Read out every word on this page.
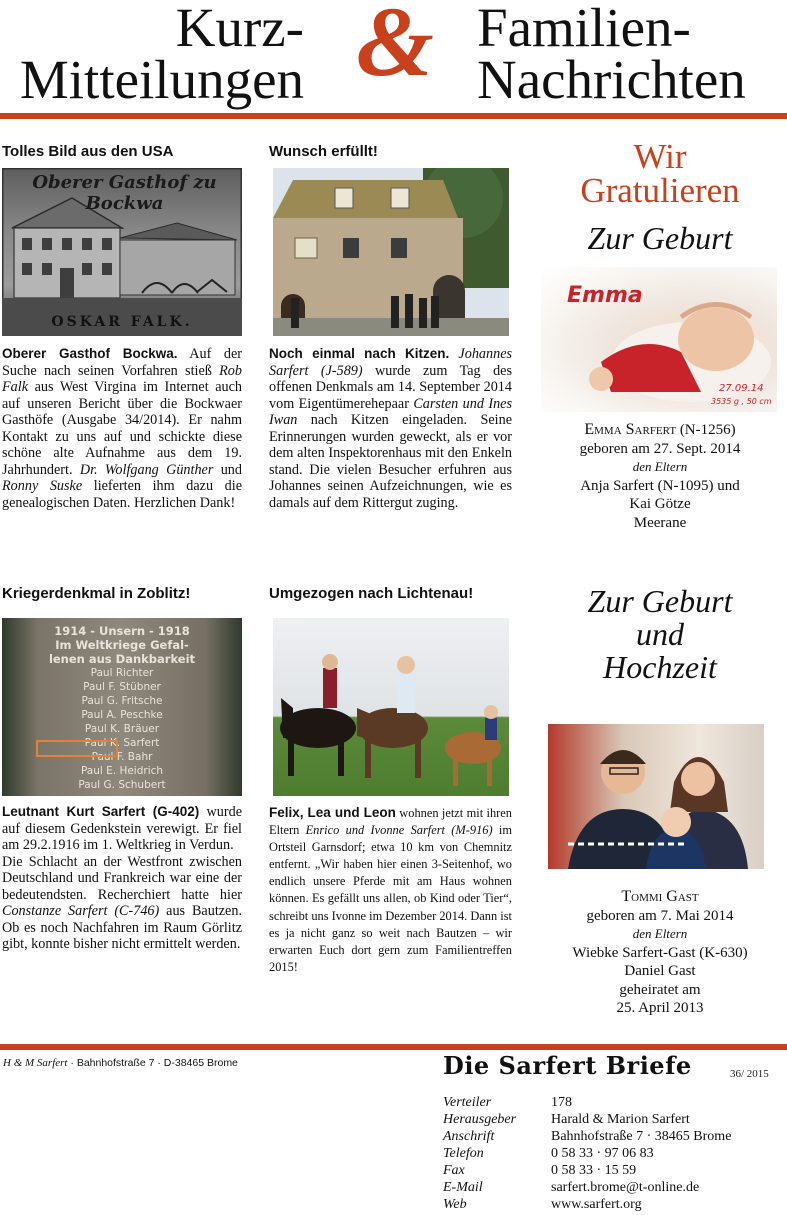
Kurz-
Mitteilungen & Familien-
Nachrichten
Tolles Bild aus den USA
Oberer Gasthof zu Bockwa
OSKAR FALK.
Oberer Gasthof Bockwa. Auf der Suche nach seinen Vorfahren stieß Rob Falk aus West Virgina im Internet auch auf unseren Bericht über die Bockwaer Gasthöfe (Ausgabe 34/2014). Er nahm Kontakt zu uns auf und schickte diese schöne alte Aufnahme aus dem 19. Jahrhundert. Dr. Wolfgang Günther und Ronny Suske lieferten ihm dazu die genealogischen Daten. Herzlichen Dank!
Kriegerdenkmal in Zoblitz!
1914 - Unsern - 1918
Im Weltkriege Gefal-
lenen aus Dankbarkeit
Paul Richter
Paul F. Stübner
Paul G. Fritsche
Paul A. Peschke
Paul K. Bräuer
Paul K. Sarfert
Paul F. Bahr
Paul E. Heidrich
Paul G. Schubert

Leutnant Kurt Sarfert (G-402) wurde auf diesem Gedenkstein verewigt. Er fiel am 29.2.1916 im 1. Weltkrieg in Verdun.

Die Schlacht an der Westfront zwischen Deutschland und Frankreich war eine der bedeutendsten. Recherchiert hatte hier Constanze Sarfert (C-746) aus Bautzen. Ob es noch Nachfahren im Raum Görlitz gibt, konnte bisher nicht ermittelt werden.

Wunsch erfüllt!
Noch einmal nach Kitzen. Johannes Sarfert (J-589) wurde zum Tag des offenen Denkmals am 14. September 2014 vom Eigentümerehepaar Carsten und Ines Iwan nach Kitzen eingeladen. Seine Erinnerungen wurden geweckt, als er vor dem alten Inspektorenhaus mit den Enkeln stand. Die vielen Besucher erfuhren aus Johannes seinen Aufzeichnungen, wie es damals auf dem Rittergut zuging.
Umgezogen nach Lichtenau!
Felix, Lea und Leon wohnen jetzt mit ihren Eltern Enrico und Ivonne Sarfert (M-916) im Ortsteil Garnsdorf; etwa 10 km von Chemnitz entfernt. „Wir haben hier einen 3-Seitenhof, wo endlich unsere Pferde mit am Haus wohnen können. Es gefällt uns allen, ob Kind oder Tier“, schreibt uns Ivonne im Dezember 2014. Dann ist es ja nicht ganz so weit nach Bautzen – wir erwarten Euch dort gern zum Familientreffen 2015!
Wir
Gratulieren
Zur Geburt
Emma
27.09.14
3535 g , 50 cm
Emma Sarfert (N-1256)
geboren am 27. Sept. 2014
den Eltern
Anja Sarfert (N-1095) und
Kai Götze
Meerane
Zur Geburt
und
Hochzeit
Tommi Gast
geboren am 7. Mai 2014
den Eltern
Wiebke Sarfert-Gast (K-630)
Daniel Gast
geheiratet am
25. April 2013
H & M Sarfert · Bahnhofstraße 7 · D-38465 Brome	Die Sarfert Briefe	36/ 2015
Verteiler	178
Herausgeber	Harald & Marion Sarfert
Anschrift	Bahnhofstraße 7 · 38465 Brome
Telefon	0 58 33 · 97 06 83
Fax	0 58 33 · 15 59
E-Mail	sarfert.brome@t-online.de
Web	www.sarfert.org
